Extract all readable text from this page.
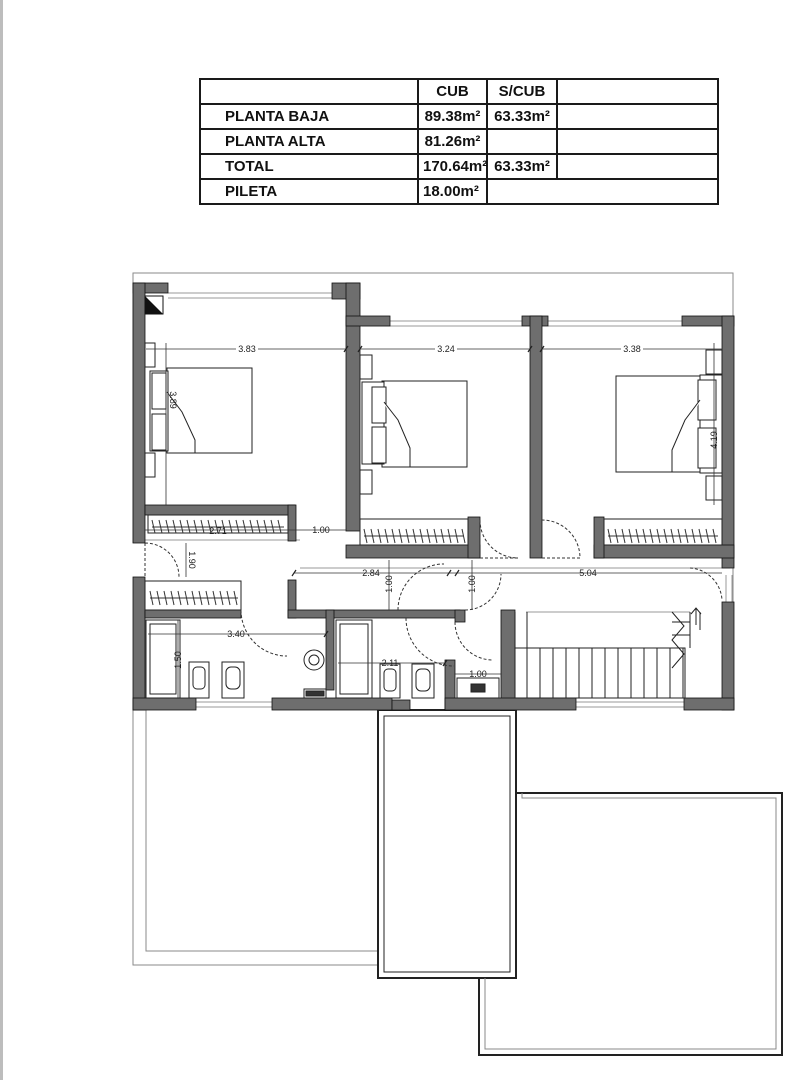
	CUB	S/CUB	
PLANTA BAJA	89.38m²	63.33m²	
PLANTA ALTA	81.26m²		
TOTAL	170.64m²	63.33m²	
PILETA	18.00m²		
3.83	3.24	3.38
3.89
4.19
2.71	1.00
1.90
2.84
1.00	1.00
5.04
3.40
1.50	2.11
1.00
